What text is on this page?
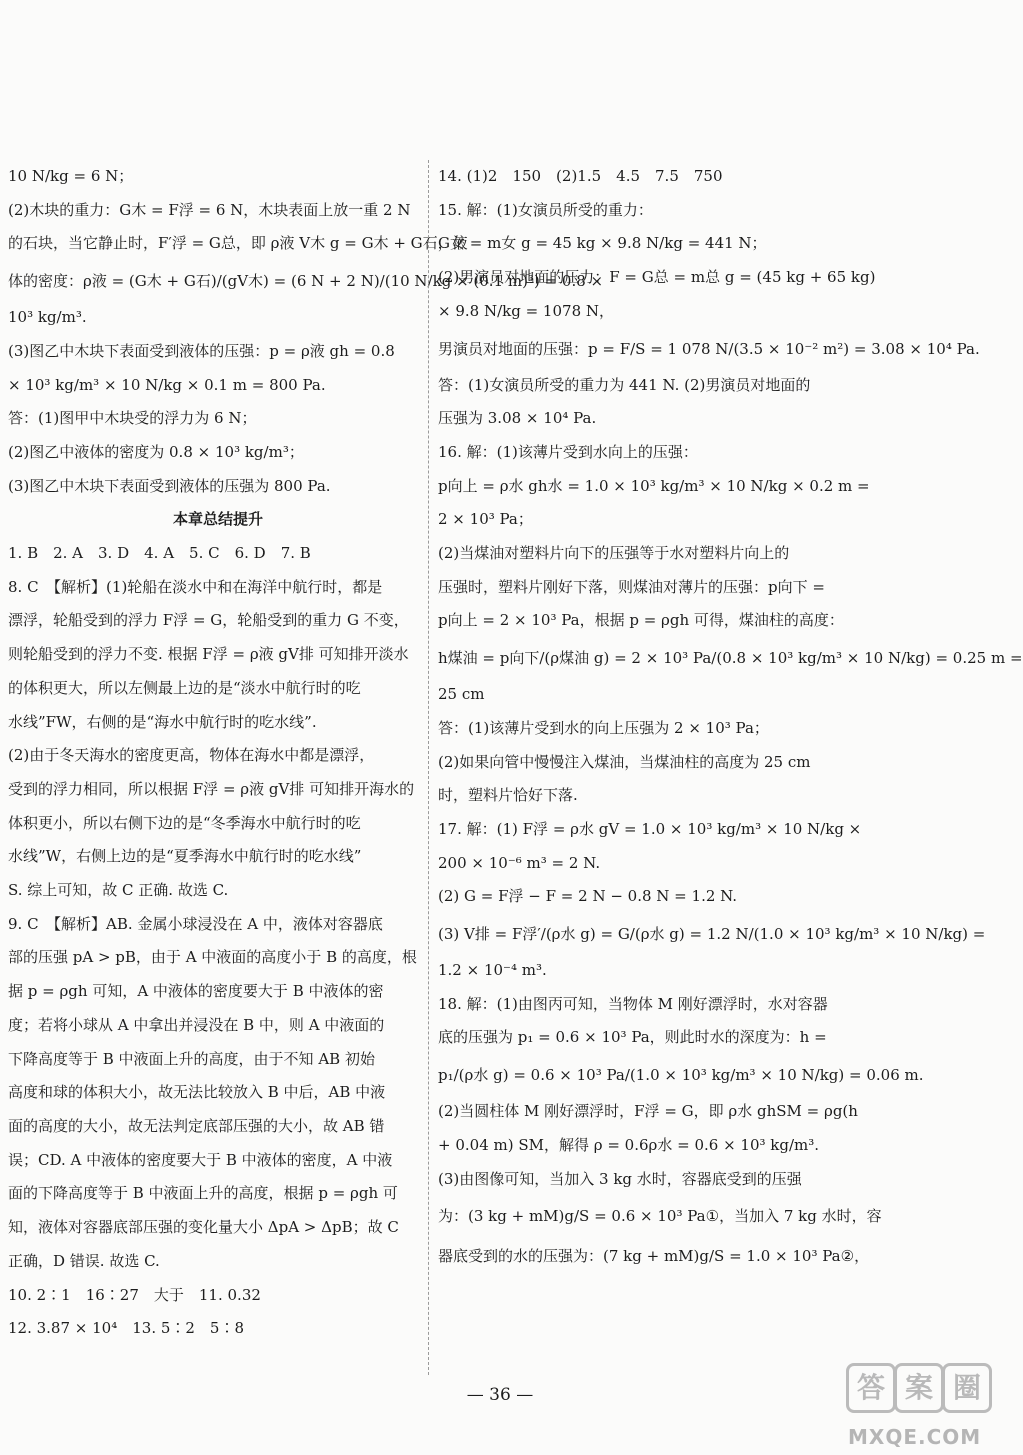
10 N/kg = 6 N；
(2)木块的重力：G木 = F浮 = 6 N，木块表面上放一重 2 N
的石块，当它静止时，F′浮 = G总，即 ρ液 V木 g = G木 + G石，液
体的密度：ρ液 = (G木 + G石)/(gV木) = (6 N + 2 N)/(10 N/kg × (0.1 m)³) = 0.8 ×
10³ kg/m³.
(3)图乙中木块下表面受到液体的压强：p = ρ液 gh = 0.8
× 10³ kg/m³ × 10 N/kg × 0.1 m = 800 Pa.
答：(1)图甲中木块受的浮力为 6 N；
(2)图乙中液体的密度为 0.8 × 10³ kg/m³；
(3)图乙中木块下表面受到液体的压强为 800 Pa.
本章总结提升
1. B　2. A　3. D　4. A　5. C　6. D　7. B
8. C　【解析】(1)轮船在淡水中和在海洋中航行时，都是
漂浮，轮船受到的浮力 F浮 = G，轮船受到的重力 G 不变，
则轮船受到的浮力不变. 根据 F浮 = ρ液 gV排 可知排开淡水
的体积更大，所以左侧最上边的是“淡水中航行时的吃
水线”FW，右侧的是“海水中航行时的吃水线”.
(2)由于冬天海水的密度更高，物体在海水中都是漂浮，
受到的浮力相同，所以根据 F浮 = ρ液 gV排 可知排开海水的
体积更小，所以右侧下边的是“冬季海水中航行时的吃
水线”W，右侧上边的是“夏季海水中航行时的吃水线”
S. 综上可知，故 C 正确. 故选 C.
9. C　【解析】AB. 金属小球浸没在 A 中，液体对容器底
部的压强 pA > pB，由于 A 中液面的高度小于 B 的高度，根
据 p = ρgh 可知，A 中液体的密度要大于 B 中液体的密
度；若将小球从 A 中拿出并浸没在 B 中，则 A 中液面的
下降高度等于 B 中液面上升的高度，由于不知 AB 初始
高度和球的体积大小，故无法比较放入 B 中后，AB 中液
面的高度的大小，故无法判定底部压强的大小，故 AB 错
误；CD. A 中液体的密度要大于 B 中液体的密度，A 中液
面的下降高度等于 B 中液面上升的高度，根据 p = ρgh 可
知，液体对容器底部压强的变化量大小 ΔpA > ΔpB；故 C
正确，D 错误. 故选 C.
10. 2∶1　16∶27　大于　11. 0.32
12. 3.87 × 10⁴　13. 5∶2　5∶8
14. (1)2　150　(2)1.5　4.5　7.5　750
15. 解：(1)女演员所受的重力：
G女 = m女 g = 45 kg × 9.8 N/kg = 441 N；
(2)男演员对地面的压力：F = G总 = m总 g = (45 kg + 65 kg)
× 9.8 N/kg = 1078 N，
男演员对地面的压强：p = F/S = 1 078 N/(3.5 × 10⁻² m²) = 3.08 × 10⁴ Pa.
答：(1)女演员所受的重力为 441 N. (2)男演员对地面的
压强为 3.08 × 10⁴ Pa.
16. 解：(1)该薄片受到水向上的压强：
p向上 = ρ水 gh水 = 1.0 × 10³ kg/m³ × 10 N/kg × 0.2 m =
2 × 10³ Pa；
(2)当煤油对塑料片向下的压强等于水对塑料片向上的
压强时，塑料片刚好下落，则煤油对薄片的压强：p向下 =
p向上 = 2 × 10³ Pa，根据 p = ρgh 可得，煤油柱的高度：
h煤油 = p向下/(ρ煤油 g) = 2 × 10³ Pa/(0.8 × 10³ kg/m³ × 10 N/kg) = 0.25 m =
25 cm
答：(1)该薄片受到水的向上压强为 2 × 10³ Pa；
(2)如果向管中慢慢注入煤油，当煤油柱的高度为 25 cm
时，塑料片恰好下落.
17. 解：(1) F浮 = ρ水 gV = 1.0 × 10³ kg/m³ × 10 N/kg ×
200 × 10⁻⁶ m³ = 2 N.
(2) G = F浮 − F = 2 N − 0.8 N = 1.2 N.
(3) V排 = F浮′/(ρ水 g) = G/(ρ水 g) = 1.2 N/(1.0 × 10³ kg/m³ × 10 N/kg) =
1.2 × 10⁻⁴ m³.
18. 解：(1)由图丙可知，当物体 M 刚好漂浮时，水对容器
底的压强为 p₁ = 0.6 × 10³ Pa，则此时水的深度为：h =
p₁/(ρ水 g) = 0.6 × 10³ Pa/(1.0 × 10³ kg/m³ × 10 N/kg) = 0.06 m.
(2)当圆柱体 M 刚好漂浮时，F浮 = G，即 ρ水 ghSM = ρg(h
+ 0.04 m) SM，解得 ρ = 0.6ρ水 = 0.6 × 10³ kg/m³.
(3)由图像可知，当加入 3 kg 水时，容器底受到的压强
为：(3 kg + mM)g/S = 0.6 × 10³ Pa①，当加入 7 kg 水时，容
器底受到的水的压强为：(7 kg + mM)g/S = 1.0 × 10³ Pa②，
— 36 —	答 案 圈
MXQE.COM
